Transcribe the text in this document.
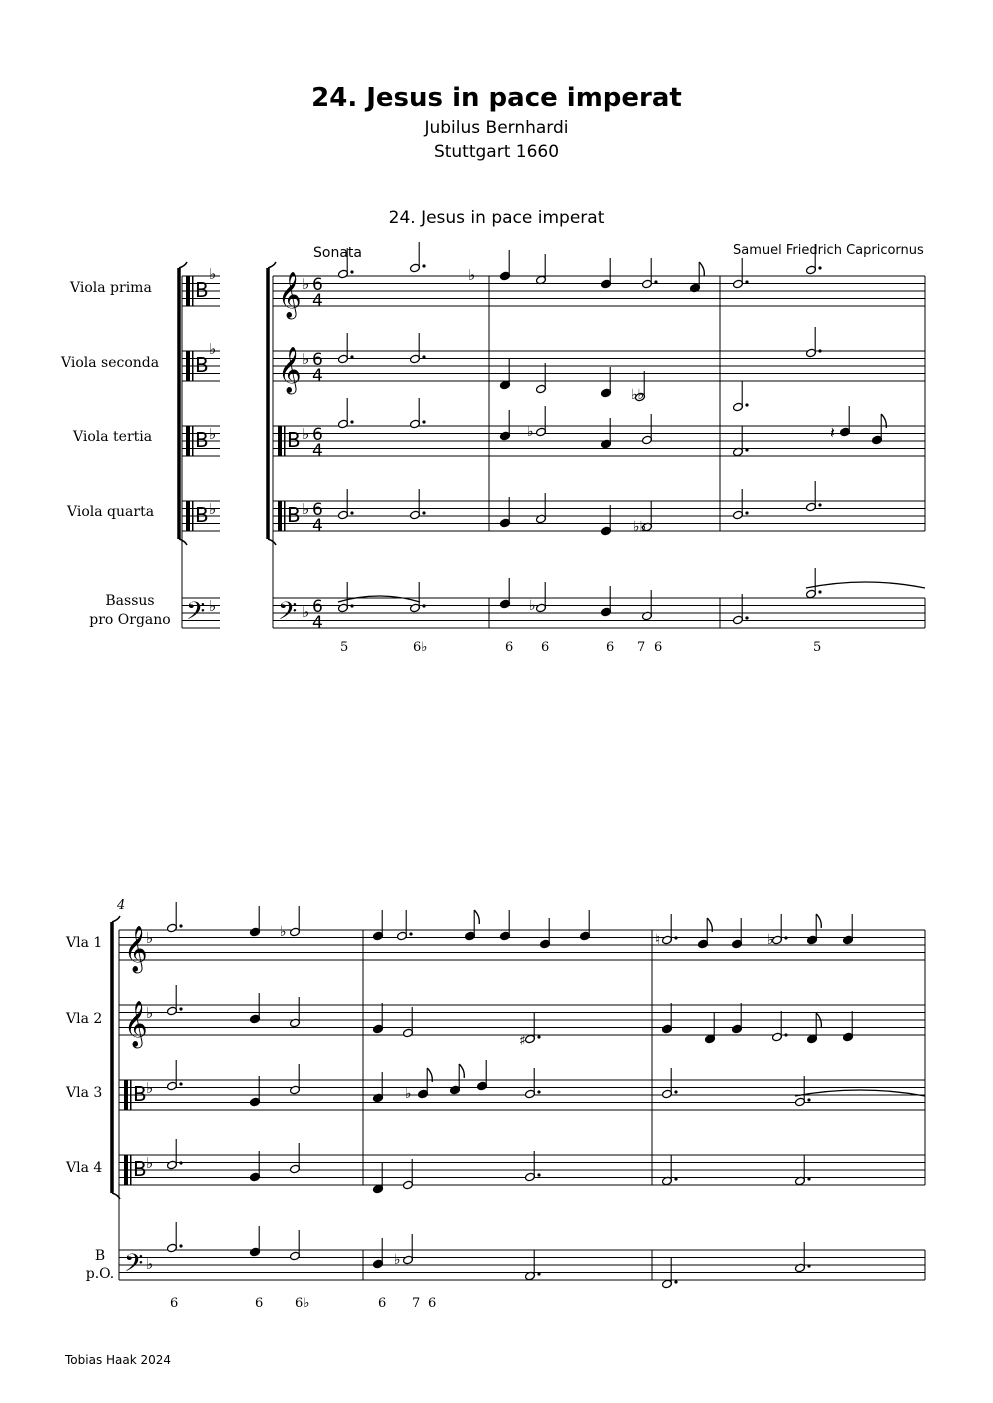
24. Jesus in pace imperat
Jubilus Bernhardi
Stuttgart 1660
24. Jesus in pace imperat
Samuel Friedrich Capricornus
Sonata
Viola prima
Viola seconda
Viola tertia
Viola quarta
Bassus
pro Organo
5	6♭	6 6	6 7 6	5
4
Vla 1
Vla 2
Vla 3
Vla 4
B
p.O.
6	6 6♭	6 7 6
Tobias Haak 2024
B
♭
B
♭
B ♭
B ♭
𝄢 ♭
𝄞 ♭ 6
4
𝄞 ♭ 6
4
B ♭ 6
4
B ♭ 6
4
𝄢 ♭ 6
4
♭
♭♭
♭
♭♭
♭
𝄽
𝄞
♭
𝄞
♭
B ♭
B ♭
𝄢 ♭
♭
♯
♭
♭
♭
♮
